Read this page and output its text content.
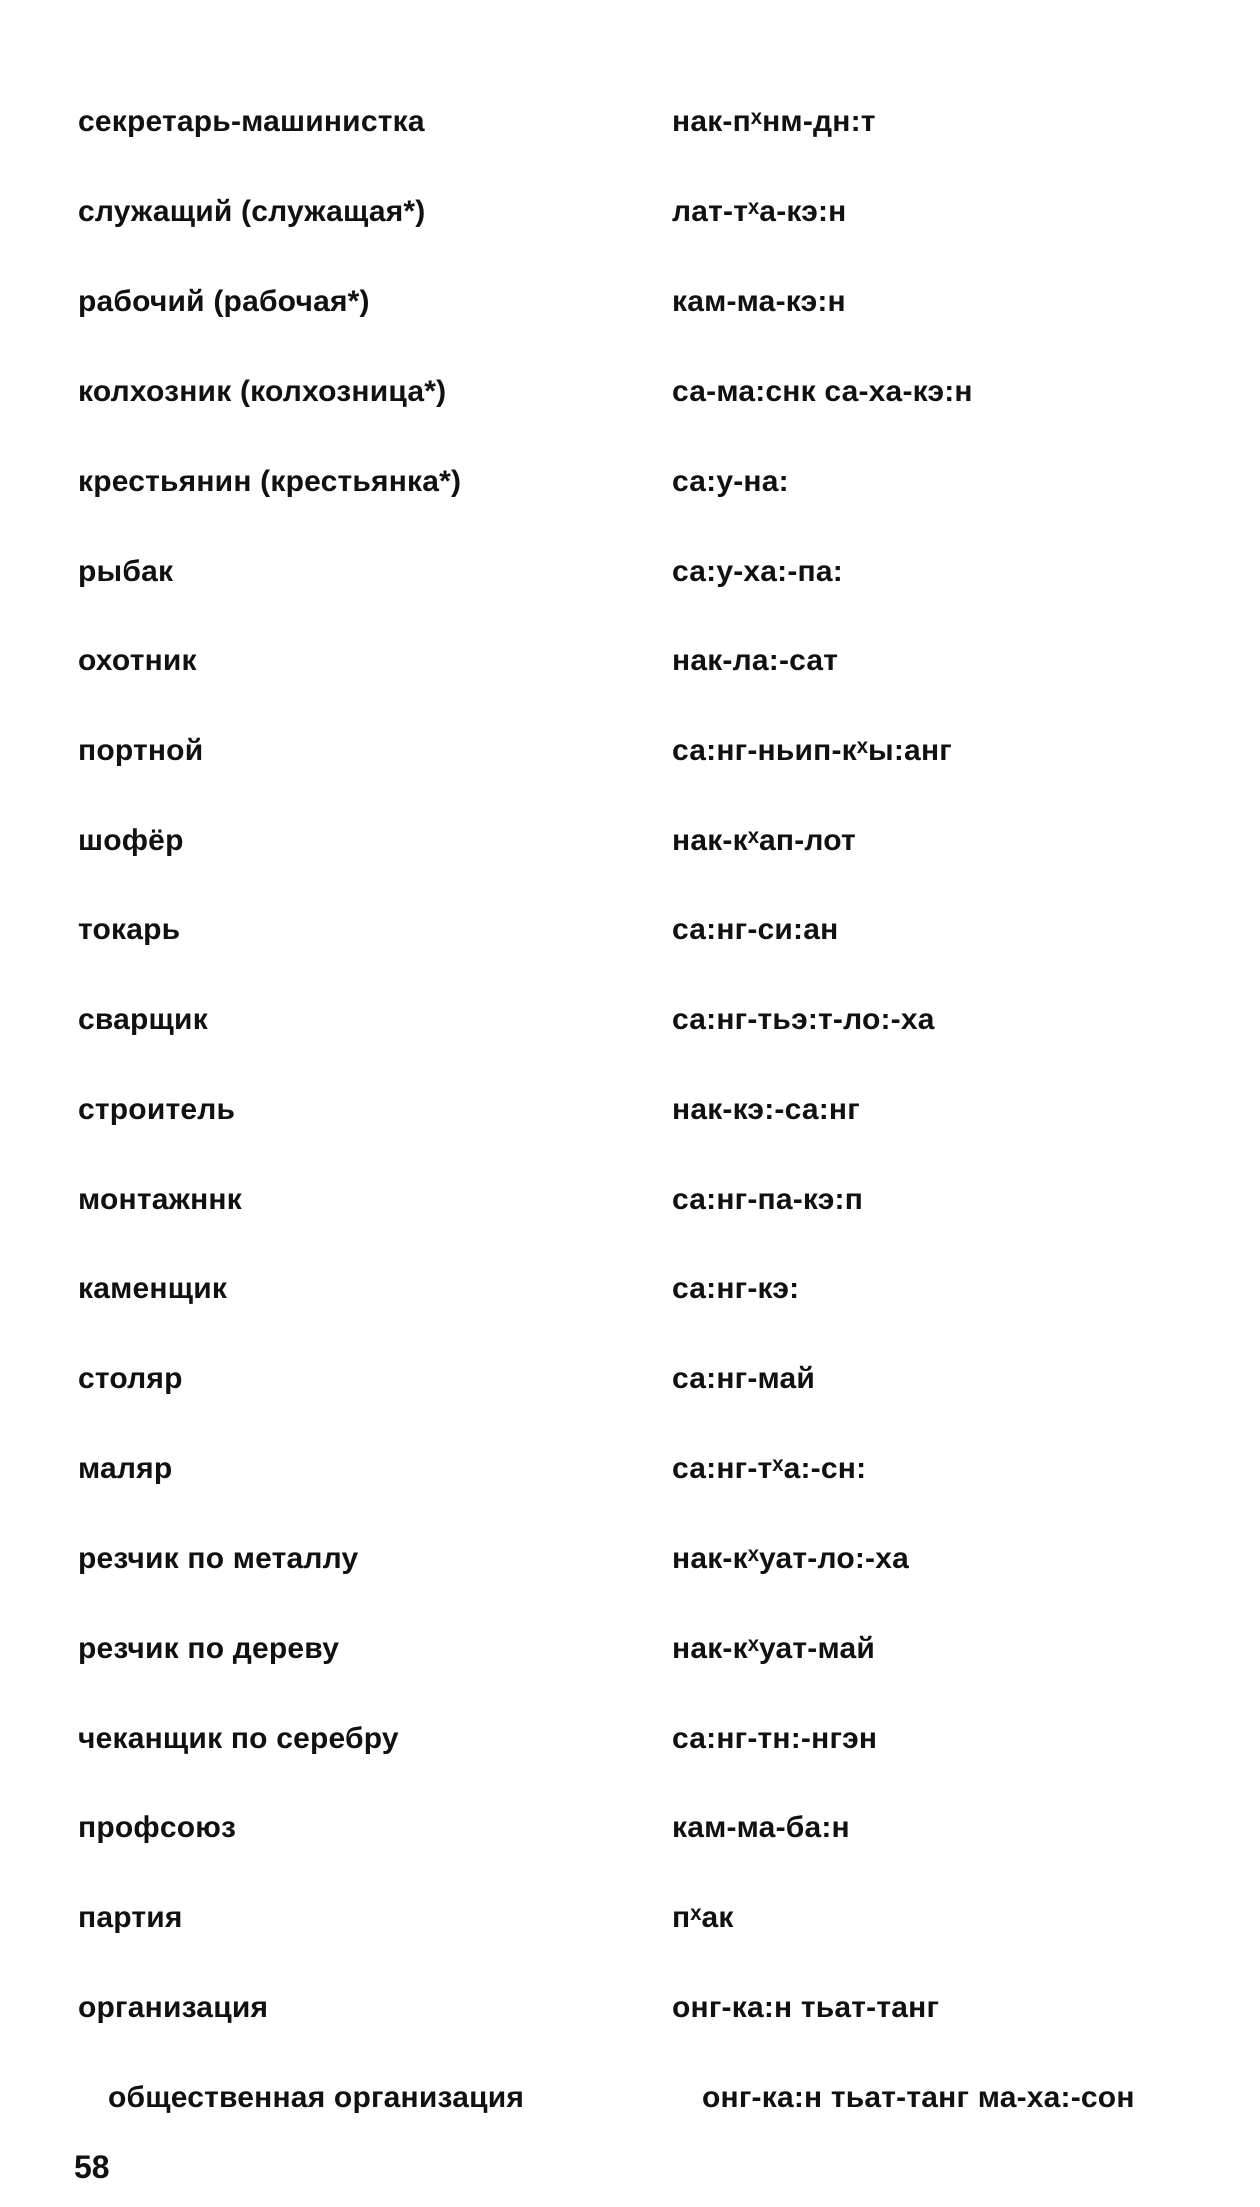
секретарь-машинистка	нак-пˣнм-дн:т
служащий (служащая*)	лат-тˣа-кэ:н
рабочий (рабочая*)	кам-ма-кэ:н
колхозник (колхозница*)	са-ма:снк са-ха-кэ:н
крестьянин (крестьянка*)	са:у-на:
рыбак	са:у-ха:-па:
охотник	нак-ла:-сат
портной	са:нг-ньип-кˣы:анг
шофёр	нак-кˣап-лот
токарь	са:нг-си:ан
сварщик	са:нг-тьэ:т-ло:-ха
строитель	нак-кэ:-са:нг
монтажннк	са:нг-па-кэ:п
каменщик	са:нг-кэ:
столяр	са:нг-май
маляр	са:нг-тˣа:-сн:
резчик по металлу	нак-кˣуат-ло:-ха
резчик по дереву	нак-кˣуат-май
чеканщик по серебру	са:нг-тн:-нгэн
профсоюз	кам-ма-ба:н
партия	пˣак
организация	онг-ка:н тьат-танг
общественная организация	онг-ка:н тьат-танг ма-ха:-сон
58
